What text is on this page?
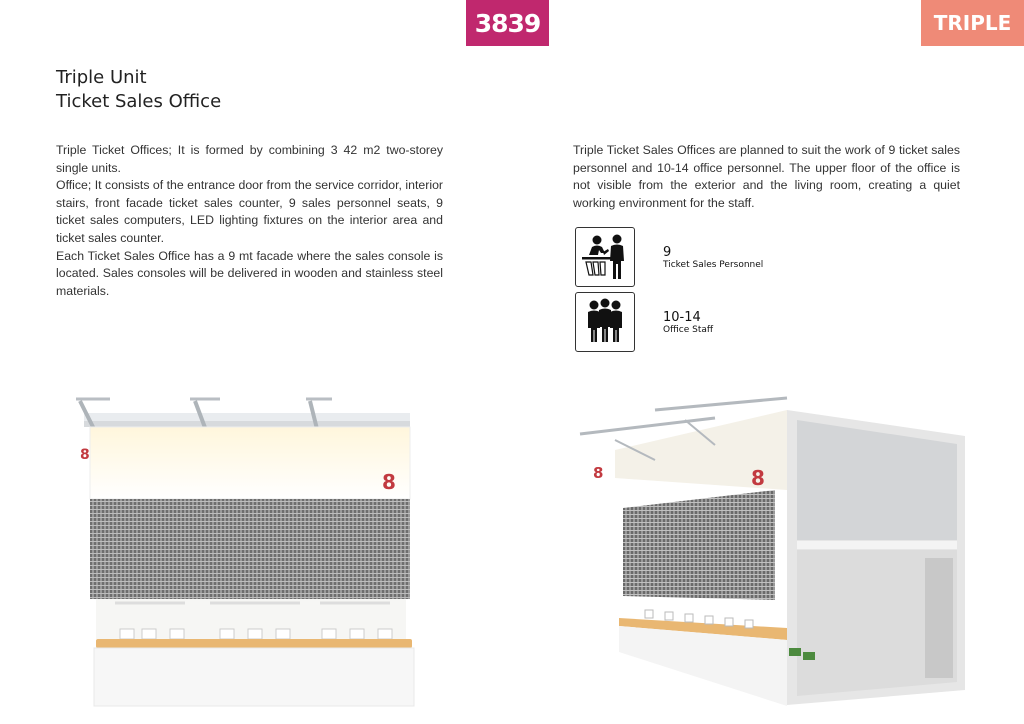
3839	TRIPLE
Triple Unit
Ticket Sales Office

Triple Ticket Offices; It is formed by combining 3 42 m2 two-storey single units.

Office; It consists of the entrance door from the service corridor, interior stairs, front facade ticket sales counter, 9 sales personnel seats, 9 ticket sales computers, LED lighting fixtures on the interior area and ticket sales counter.

Each Ticket Sales Office has a 9 mt facade where the sales console is located. Sales consoles will be delivered in wooden and stainless steel materials.

Triple Ticket Sales Offices are planned to suit the work of 9 ticket sales personnel and 10-14 office personnel. The upper floor of the office is not visible from the exterior and the living room, creating a quiet working environment for the staff.

9
Ticket Sales Personnel
10-14
Office Staff
8
8	8	8
